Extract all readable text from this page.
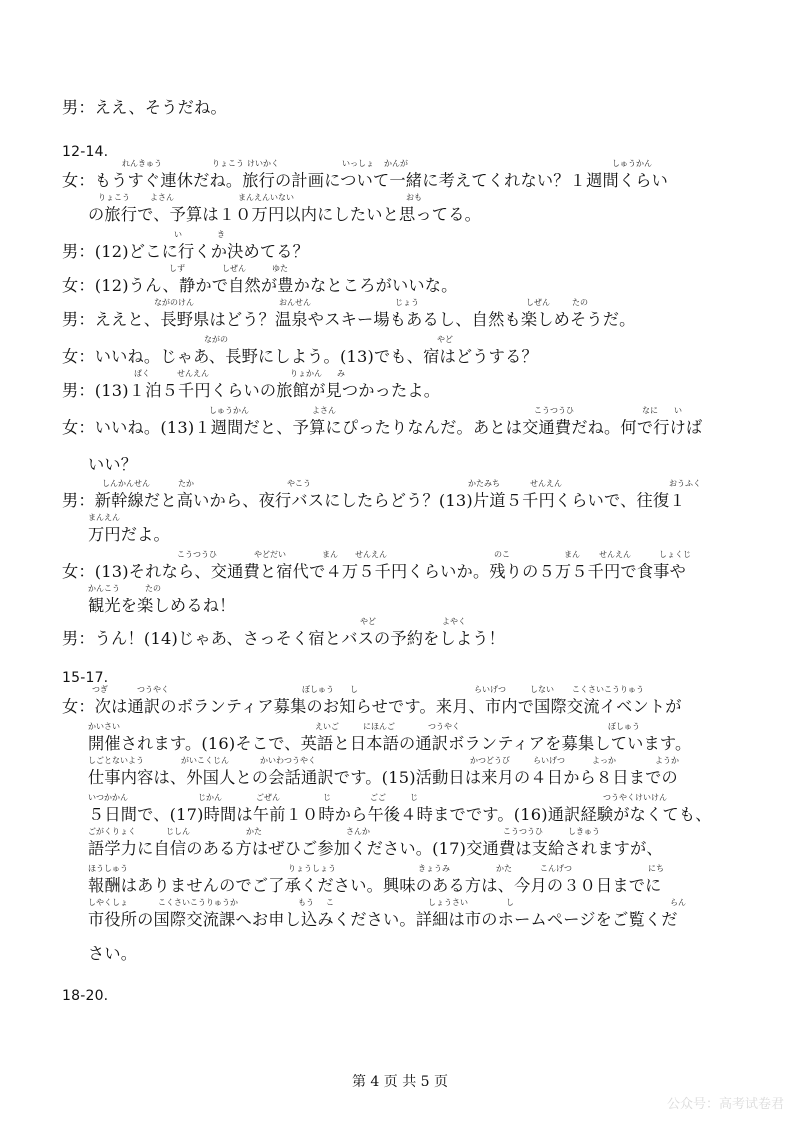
男：ええ、そうだね。
12-14.
女：もうすぐ連休だね。旅行の計画について一緒に考えてくれない？１週間くらい
れんきゅう	りょこう けいかく	いっしょ かんが	しゅうかん
の旅行で、予算は１０万円以内にしたいと思ってる。
りょこう	よさん	まんえんいない	おも
男：(12)どこに行くか決めてる？
い	き
女：(12)うん、静かで自然が豊かなところがいいな。
しず	しぜん	ゆた
男：ええと、長野県はどう？温泉やスキー場もあるし、自然も楽しめそうだ。
ながのけん	おんせん	じょう	しぜん	たの
女：いいね。じゃあ、長野にしよう。(13)でも、宿はどうする？
ながの	やど
男：(13)１泊５千円くらいの旅館が見つかったよ。
ぱく	せんえん	りょかん み
女：いいね。(13)１週間だと、予算にぴったりなんだ。あとは交通費だね。何で行けば
しゅうかん	よさん	こうつうひ	なに い
いい？
男：新幹線だと高いから、夜行バスにしたらどう？(13)片道５千円くらいで、往復１
しんかんせん	たか	やこう	かたみち	せんえん	おうふく
万円だよ。
まんえん
女：(13)それなら、交通費と宿代で４万５千円くらいか。残りの５万５千円で食事や
こうつうひ	やどだい	まん せんえん	のこ	まん せんえん	しょくじ
観光を楽しめるね！
かんこう	たの
男：うん！(14)じゃあ、さっそく宿とバスの予約をしよう！
やど	よやく
15-17.
女：次は通訳のボランティア募集のお知らせです。来月、市内で国際交流イベントが
つぎ	つうやく	ぼしゅう し	らいげつ	しない こくさいこうりゅう
開催されます。(16)そこで、英語と日本語の通訳ボランティアを募集しています。
かいさい	えいご	にほんご	つうやく	ぼしゅう
仕事内容は、外国人との会話通訳です。(15)活動日は来月の４日から８日までの
しごとないよう	がいこくじん	かいわつうやく	かつどうび	らいげつ	よっか	ようか
５日間で、(17)時間は午前１０時から午後４時までです。(16)通訳経験がなくても、
いつかかん	じかん	ごぜん	じ	ごご	じ	つうやくけいけん
語学力に自信のある方はぜひご参加ください。(17)交通費は支給されますが、
ごがくりょく	じしん	かた	さんか	こうつうひ	しきゅう
報酬はありませんのでご了承ください。興味のある方は、今月の３０日までに
ほうしゅう	りょうしょう	きょうみ	かた	こんげつ	にち
市役所の国際交流課へお申し込みください。詳細は市のホームページをご覧くだ
しやくしょ	こくさいこうりゅうか	もう こ	しょうさい	し	らん
さい。
18-20.
第 4 页 共 5 页
公众号：高考试卷君
